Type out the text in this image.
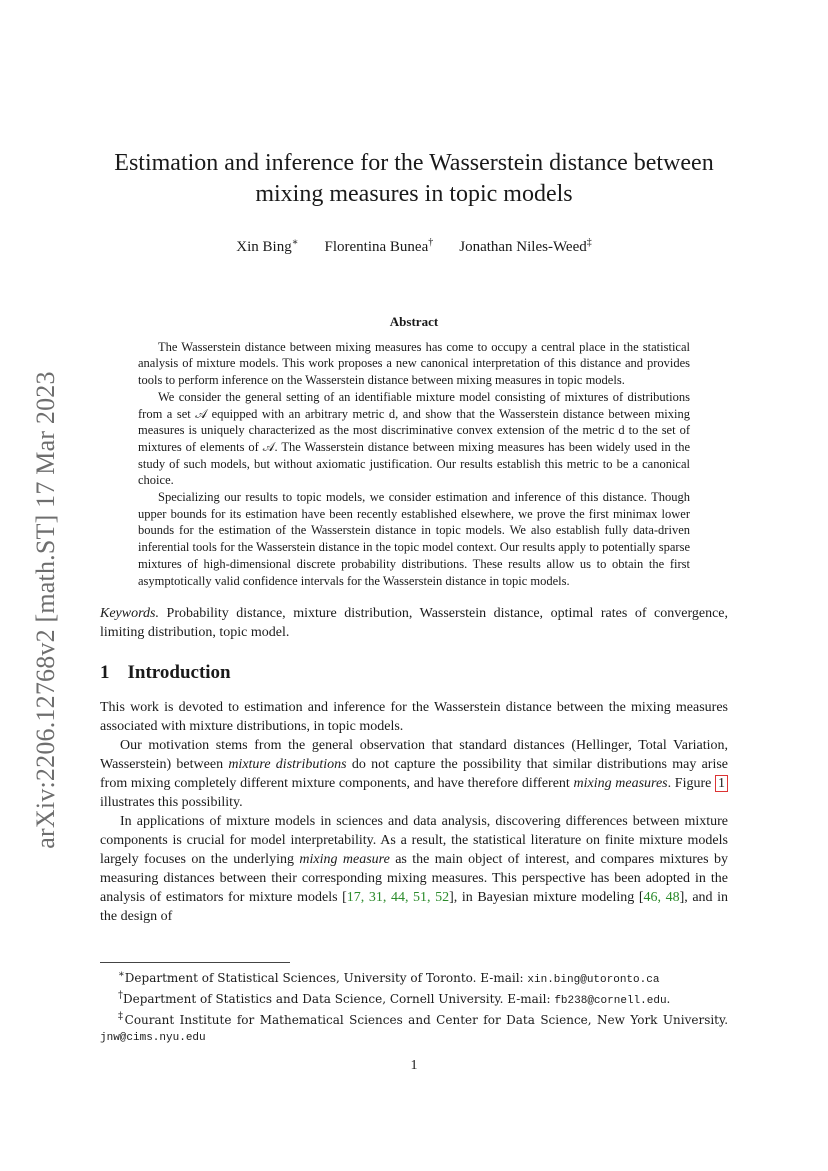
arXiv:2206.12768v2 [math.ST] 17 Mar 2023
Estimation and inference for the Wasserstein distance between
mixing measures in topic models
Xin Bing∗ Florentina Bunea† Jonathan Niles-Weed‡
Abstract

The Wasserstein distance between mixing measures has come to occupy a central place in the statistical analysis of mixture models. This work proposes a new canonical interpretation of this distance and provides tools to perform inference on the Wasserstein distance between mixing measures in topic models.

We consider the general setting of an identifiable mixture model consisting of mixtures of distributions from a set 𝒜 equipped with an arbitrary metric d, and show that the Wasserstein distance between mixing measures is uniquely characterized as the most discriminative convex extension of the metric d to the set of mixtures of elements of 𝒜. The Wasserstein distance between mixing measures has been widely used in the study of such models, but without axiomatic justification. Our results establish this metric to be a canonical choice.

Specializing our results to topic models, we consider estimation and inference of this distance. Though upper bounds for its estimation have been recently established elsewhere, we prove the first minimax lower bounds for the estimation of the Wasserstein distance in topic models. We also establish fully data-driven inferential tools for the Wasserstein distance in the topic model context. Our results apply to potentially sparse mixtures of high-dimensional discrete probability distributions. These results allow us to obtain the first asymptotically valid confidence intervals for the Wasserstein distance in topic models.

Keywords. Probability distance, mixture distribution, Wasserstein distance, optimal rates of convergence, limiting distribution, topic model.
1 Introduction

This work is devoted to estimation and inference for the Wasserstein distance between the mixing measures associated with mixture distributions, in topic models.

Our motivation stems from the general observation that standard distances (Hellinger, Total Variation, Wasserstein) between mixture distributions do not capture the possibility that similar distributions may arise from mixing completely different mixture components, and have therefore different mixing measures. Figure 1 illustrates this possibility.

In applications of mixture models in sciences and data analysis, discovering differences between mixture components is crucial for model interpretability. As a result, the statistical literature on finite mixture models largely focuses on the underlying mixing measure as the main object of interest, and compares mixtures by measuring distances between their corresponding mixing measures. This perspective has been adopted in the analysis of estimators for mixture models [17, 31, 44, 51, 52], in Bayesian mixture modeling [46, 48], and in the design of

∗Department of Statistical Sciences, University of Toronto. E-mail: xin.bing@utoronto.ca
†Department of Statistics and Data Science, Cornell University. E-mail: fb238@cornell.edu.
‡Courant Institute for Mathematical Sciences and Center for Data Science, New York University. jnw@cims.nyu.edu
1
